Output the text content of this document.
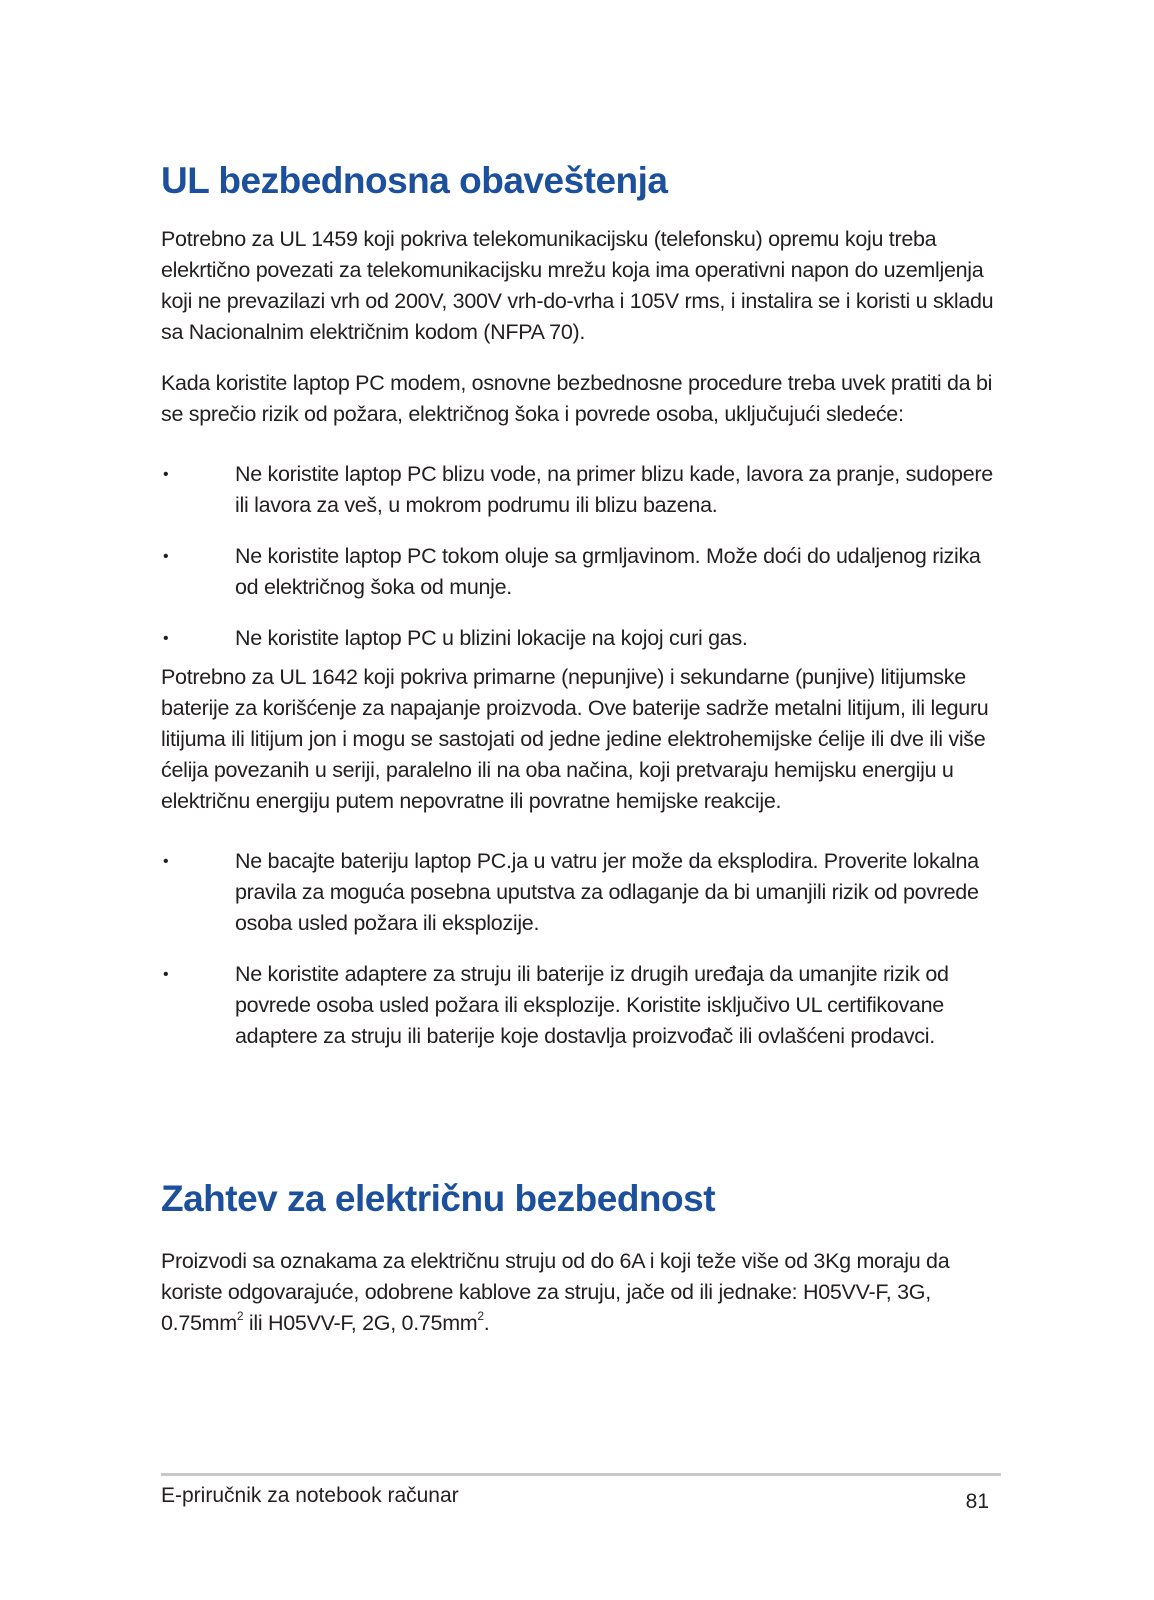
UL bezbednosna obaveštenja

Potrebno za UL 1459 koji pokriva telekomunikacijsku (telefonsku) opremu koju treba elekrtično povezati za telekomunikacijsku mrežu koja ima operativni napon do uzemljenja koji ne prevazilazi vrh od 200V, 300V vrh-do-vrha i 105V rms, i instalira se i koristi u skladu sa Nacionalnim električnim kodom (NFPA 70).

Kada koristite laptop PC modem, osnovne bezbednosne procedure treba uvek pratiti da bi se sprečio rizik od požara, električnog šoka i povrede osoba, uključujući sledeće:

•	Ne koristite laptop PC blizu vode, na primer blizu kade, lavora za pranje, sudopere ili lavora za veš, u mokrom podrumu ili blizu bazena.
•	Ne koristite laptop PC tokom oluje sa grmljavinom. Može doći do udaljenog rizika od električnog šoka od munje.
•	Ne koristite laptop PC u blizini lokacije na kojoj curi gas.

Potrebno za UL 1642 koji pokriva primarne (nepunjive) i sekundarne (punjive) litijumske baterije za korišćenje za napajanje proizvoda. Ove baterije sadrže metalni litijum, ili leguru litijuma ili litijum jon i mogu se sastojati od jedne jedine elektrohemijske ćelije ili dve ili više ćelija povezanih u seriji, paralelno ili na oba načina, koji pretvaraju hemijsku energiju u električnu energiju putem nepovratne ili povratne hemijske reakcije.

•	Ne bacajte bateriju laptop PC.ja u vatru jer može da eksplodira. Proverite lokalna pravila za moguća posebna uputstva za odlaganje da bi umanjili rizik od povrede osoba usled požara ili eksplozije.
•	Ne koristite adaptere za struju ili baterije iz drugih uređaja da umanjite rizik od povrede osoba usled požara ili eksplozije. Koristite isključivo UL certifikovane adaptere za struju ili baterije koje dostavlja proizvođač ili ovlašćeni prodavci.
Zahtev za električnu bezbednost

Proizvodi sa oznakama za električnu struju od do 6A i koji teže više od 3Kg moraju da koriste odgovarajuće, odobrene kablove za struju, jače od ili jednake: H05VV-F, 3G, $0.75mm^2$ ili H05VV-F, 2G, $0.75mm^2$.

E-priručnik za notebook računar	81
